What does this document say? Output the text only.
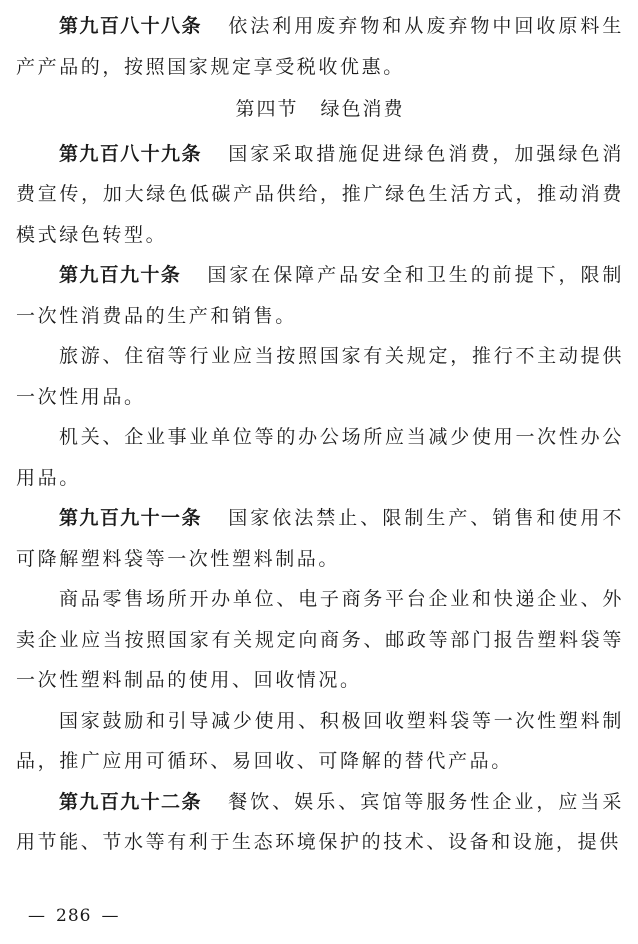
第九百八十八条 依法利用废弃物和从废弃物中回收原料生产产品的，按照国家规定享受税收优惠。

第四节 绿色消费

第九百八十九条 国家采取措施促进绿色消费，加强绿色消费宣传，加大绿色低碳产品供给，推广绿色生活方式，推动消费模式绿色转型。

第九百九十条 国家在保障产品安全和卫生的前提下，限制一次性消费品的生产和销售。

旅游、住宿等行业应当按照国家有关规定，推行不主动提供一次性用品。

机关、企业事业单位等的办公场所应当减少使用一次性办公用品。

第九百九十一条 国家依法禁止、限制生产、销售和使用不可降解塑料袋等一次性塑料制品。

商品零售场所开办单位、电子商务平台企业和快递企业、外卖企业应当按照国家有关规定向商务、邮政等部门报告塑料袋等一次性塑料制品的使用、回收情况。

国家鼓励和引导减少使用、积极回收塑料袋等一次性塑料制品，推广应用可循环、易回收、可降解的替代产品。

第九百九十二条 餐饮、娱乐、宾馆等服务性企业，应当采用节能、节水等有利于生态环境保护的技术、设备和设施，提供

— 286 —
